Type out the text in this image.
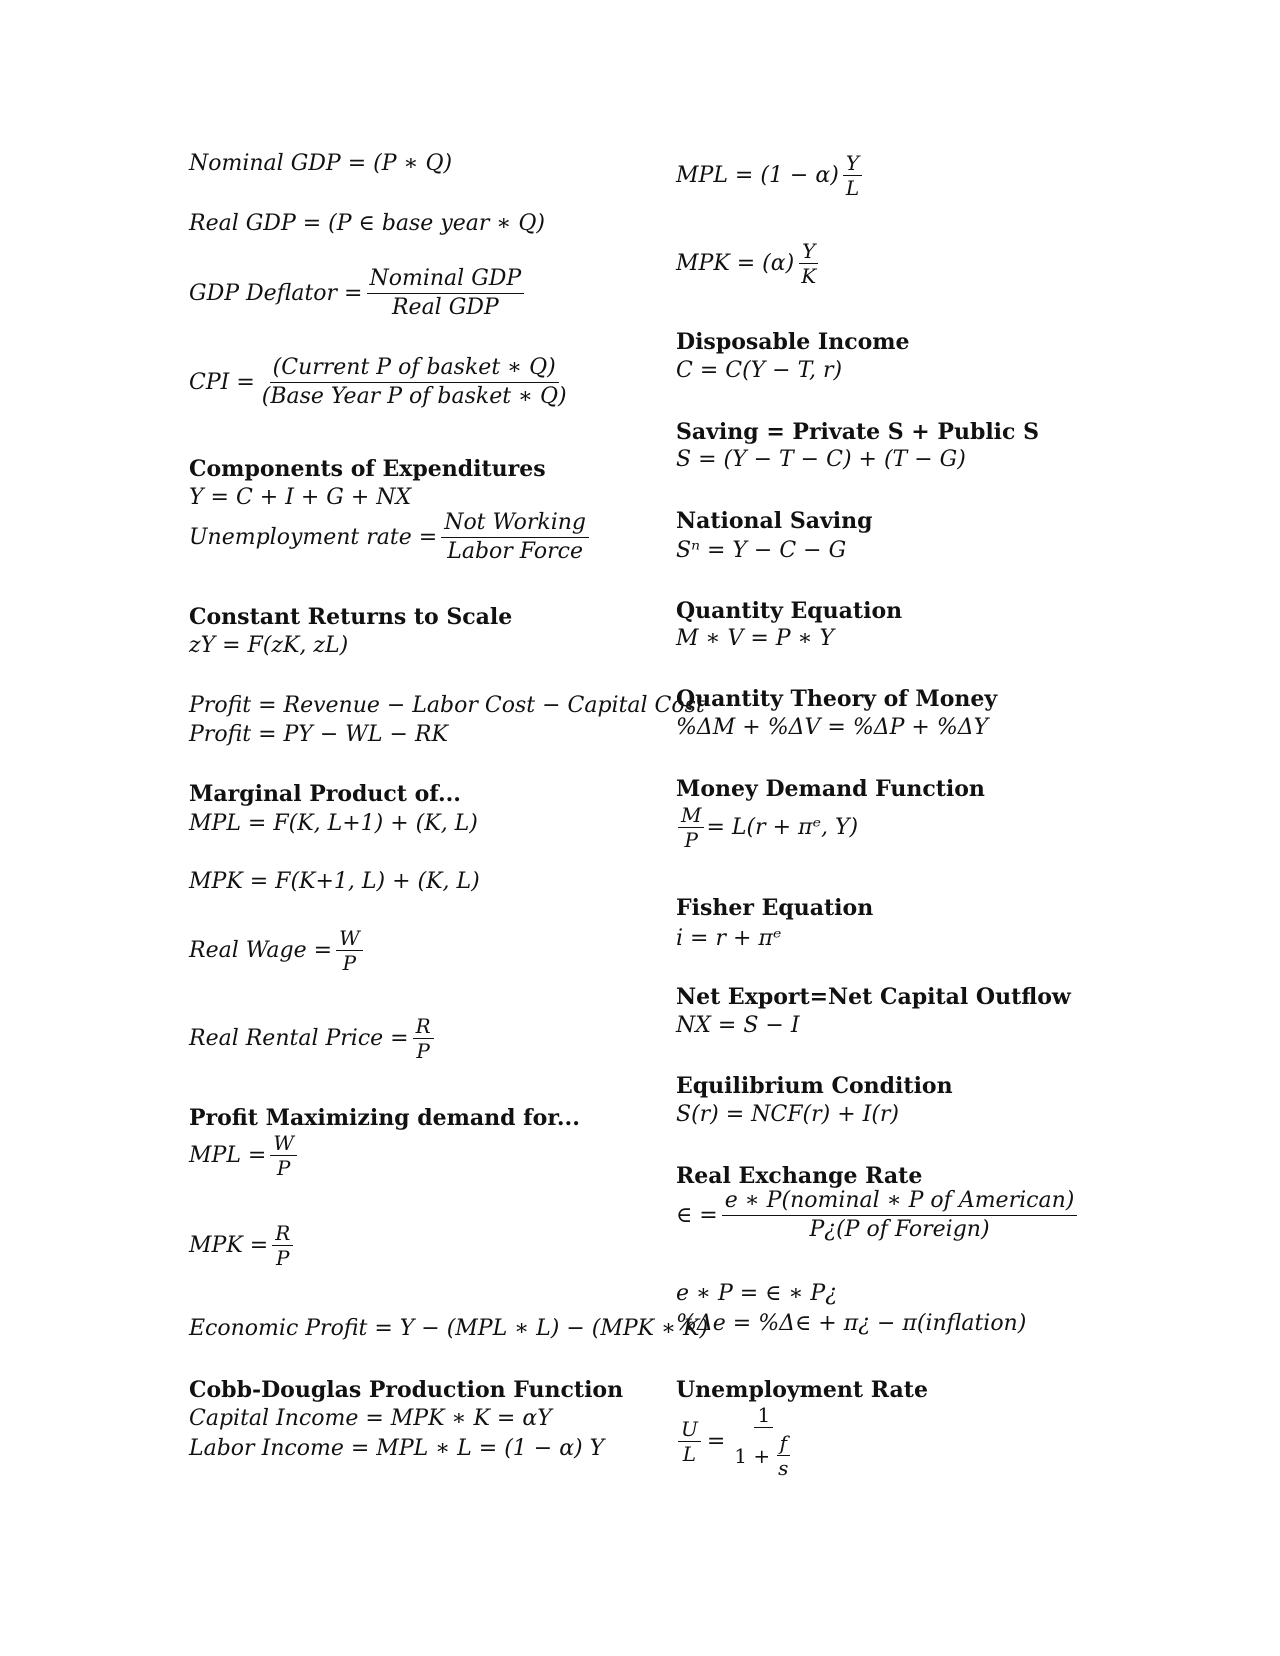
Nominal GDP = (P ∗ Q)
Real GDP = (P ∈ base year ∗ Q)
GDP Deflator = $\frac{\text{Nominal GDP}}{\text{Real GDP}}$
CPI = $\frac{\text{(Current P of basket ∗ Q)}}{\text{(Base Year P of basket ∗ Q)}}$
Components of Expenditures
Y = C + I + G + NX
Unemployment rate = $\frac{\text{Not Working}}{\text{Labor Force}}$
Constant Returns to Scale
zY = F(zK, zL)
Profit = Revenue − Labor Cost − Capital Cost
Profit = PY − WL − RK
Marginal Product of...
MPL = F(K, L+1) + (K, L)
MPK = F(K+1, L) + (K, L)
Real Wage = $\frac{W}{P}$
Real Rental Price = $\frac{R}{P}$
Profit Maximizing demand for...
MPL = $\frac{W}{P}$
MPK = $\frac{R}{P}$
Economic Profit = Y − (MPL ∗ L) − (MPK ∗ K)
Cobb-Douglas Production Function
Capital Income = MPK ∗ K = αY
Labor Income = MPL ∗ L = (1 − α) Y
MPL = $(1 - \alpha) \frac{Y}{L}$
MPK = $(\alpha) \frac{Y}{K}$
Disposable Income
C = C(Y − T, r)
Saving = Private S + Public S
S = (Y − T − C) + (T − G)
National Saving
Sⁿ = Y − C − G
Quantity Equation
M ∗ V = P ∗ Y
Quantity Theory of Money
%ΔM + %ΔV = %ΔP + %ΔY
Money Demand Function
$\frac{M}{P} = L(r$ + πᵉ, Y)
Fisher Equation
i = r + πᵉ
Net Export=Net Capital Outflow
NX = S − I
Equilibrium Condition
S(r) = NCF(r) + I(r)
Real Exchange Rate
∈ = $\frac{\text{e ∗ P(nominal ∗ P of American)}}{\text{P¿(P of Foreign)}}$
e ∗ P = ∈ ∗ P¿
%Δe = %Δ∈ + π¿ − π(inflation)
Unemployment Rate
$\frac{U}{L} = \frac{1}{1 + \frac{f}{s}}$
